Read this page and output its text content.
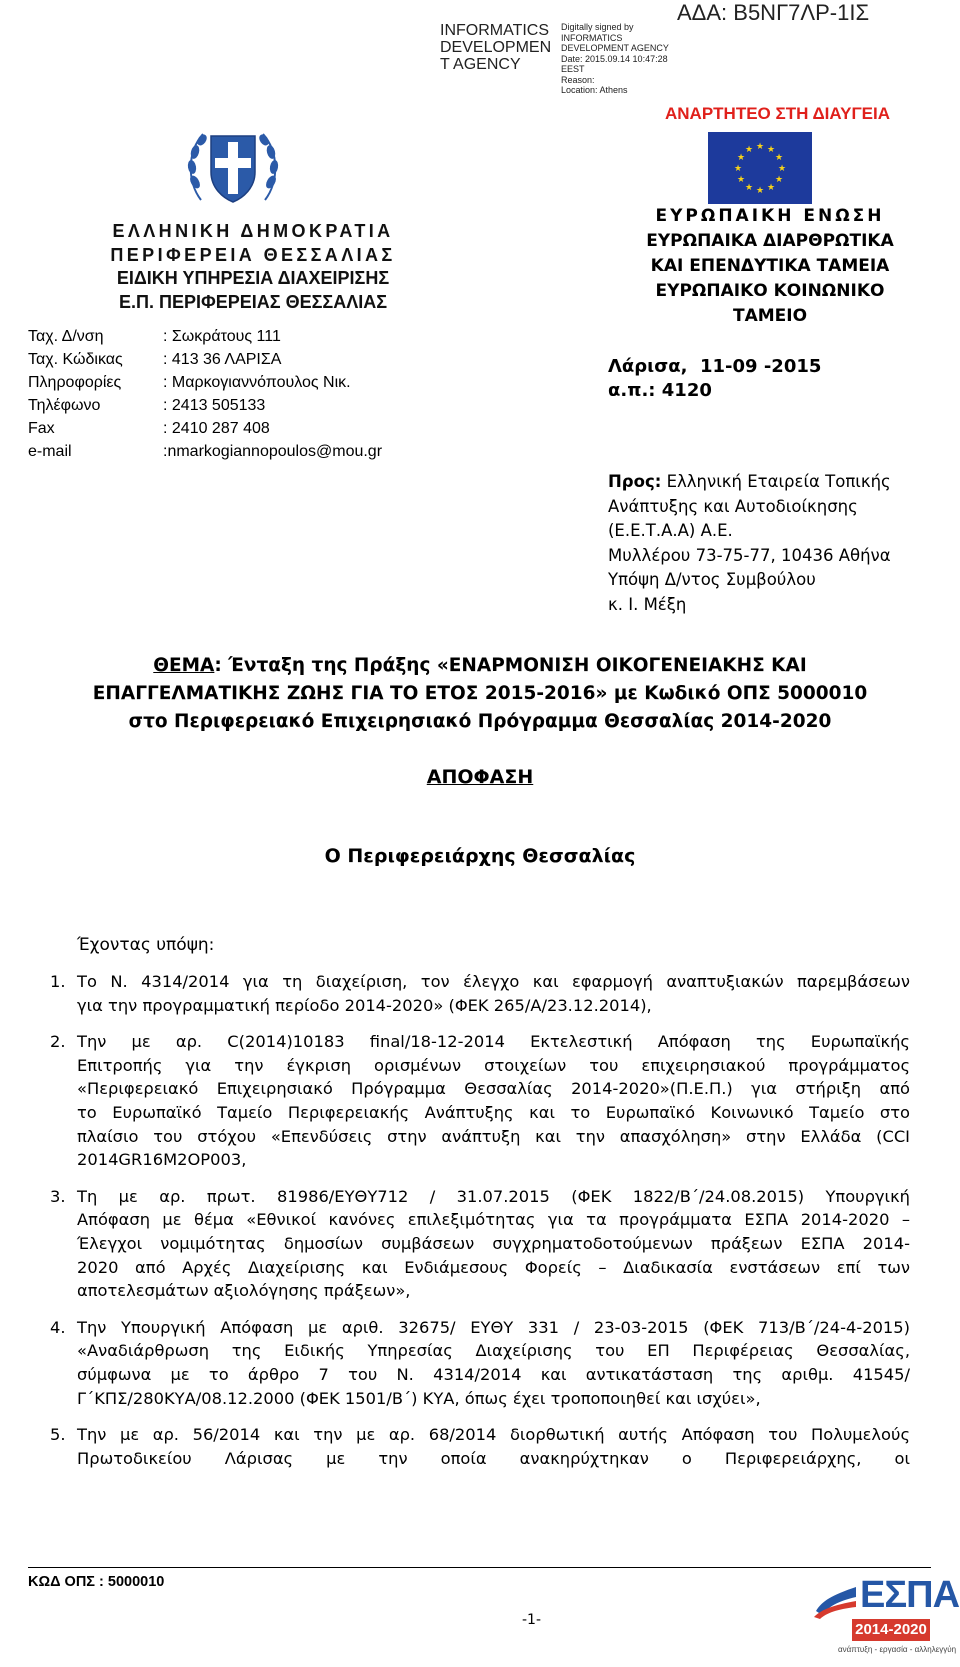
INFORMATICS
DEVELOPMEN
T AGENCY
Digitally signed by
INFORMATICS
DEVELOPMENT AGENCY
Date: 2015.09.14 10:47:28
EEST
Reason:
Location: Athens
ΑΔΑ: Β5ΝΓ7ΛΡ-1ΙΣ
ΑΝΑΡΤΗΤΕΟ ΣΤΗ ΔΙΑΥΓΕΙΑ
★ ★
★
★
★
★
★
★
★
★
★
★
ΕΛΛΗΝΙΚΗ ΔΗΜΟΚΡΑΤΙΑ
ΠΕΡΙΦΕΡΕΙΑ ΘΕΣΣΑΛΙΑΣ
ΕΙΔΙΚΗ ΥΠΗΡΕΣΙΑ ΔΙΑΧΕΙΡΙΣΗΣ
Ε.Π. ΠΕΡΙΦΕΡΕΙΑΣ ΘΕΣΣΑΛΙΑΣ
Ταχ. Δ/νση	: Σωκράτους 111
Ταχ. Κώδικας	: 413 36 ΛΑΡΙΣΑ
Πληροφορίες	: Μαρκογιαννόπουλος Νικ.
Τηλέφωνο	: 2413 505133
Fax	: 2410 287 408
e-mail	:nmarkogiannopoulos@mou.gr
ΕΥΡΩΠΑΙΚΗ ΕΝΩΣΗ
ΕΥΡΩΠΑΙΚΑ ΔΙΑΡΘΡΩΤΙΚΑ
ΚΑΙ ΕΠΕΝΔΥΤΙΚΑ ΤΑΜΕΙΑ
ΕΥΡΩΠΑΙΚΟ ΚΟΙΝΩΝΙΚΟ
ΤΑΜΕΙΟ
Λάρισα, 11-09 -2015
α.π.: 4120
Προς: Ελληνική Εταιρεία Τοπικής
Ανάπτυξης και Αυτοδιοίκησης
(Ε.Ε.Τ.Α.Α) Α.Ε.
Μυλλέρου 73-75-77, 10436 Αθήνα
Υπόψη Δ/ντος Συμβούλου
κ. Ι. Μέξη
ΘΕΜΑ: Ένταξη της Πράξης «ΕΝΑΡΜΟΝΙΣΗ ΟΙΚΟΓΕΝΕΙΑΚΗΣ ΚΑΙ
ΕΠΑΓΓΕΛΜΑΤΙΚΗΣ ΖΩΗΣ ΓΙΑ ΤΟ ΕΤΟΣ 2015-2016» με Κωδικό ΟΠΣ 5000010
στο Περιφερειακό Επιχειρησιακό Πρόγραμμα Θεσσαλίας 2014-2020
ΑΠΟΦΑΣΗ
Ο Περιφερειάρχης Θεσσαλίας
Έχοντας υπόψη:
1. Το Ν. 4314/2014 για τη διαχείριση, τον έλεγχο και εφαρμογή αναπτυξιακών παρεμβάσεων
για την προγραμματική περίοδο 2014-2020» (ΦΕΚ 265/Α/23.12.2014),
2. Την με αρ. C(2014)10183 final/18-12-2014 Εκτελεστική Απόφαση της Ευρωπαϊκής
Επιτροπής για την έγκριση ορισμένων στοιχείων του επιχειρησιακού προγράμματος
«Περιφερειακό Επιχειρησιακό Πρόγραμμα Θεσσαλίας 2014-2020»(Π.Ε.Π.) για στήριξη από
το Ευρωπαϊκό Ταμείο Περιφερειακής Ανάπτυξης και το Ευρωπαϊκό Κοινωνικό Ταμείο στο
πλαίσιο του στόχου «Επενδύσεις στην ανάπτυξη και την απασχόληση» στην Ελλάδα (CCI
2014GR16M2OP003,
3. Τη με αρ. πρωτ. 81986/ΕΥΘΥ712 / 31.07.2015 (ΦΕΚ 1822/Β΄/24.08.2015) Υπουργική
Απόφαση με θέμα «Εθνικοί κανόνες επιλεξιμότητας για τα προγράμματα ΕΣΠΑ 2014-2020 –
Έλεγχοι νομιμότητας δημοσίων συμβάσεων συγχρηματοδοτούμενων πράξεων ΕΣΠΑ 2014-
2020 από Αρχές Διαχείρισης και Ενδιάμεσους Φορείς – Διαδικασία ενστάσεων επί των
αποτελεσμάτων αξιολόγησης πράξεων»,
4. Την Υπουργική Απόφαση με αριθ. 32675/ ΕΥΘΥ 331 / 23-03-2015 (ΦΕΚ 713/Β΄/24-4-2015)
«Αναδιάρθρωση της Ειδικής Υπηρεσίας Διαχείρισης του ΕΠ Περιφέρειας Θεσσαλίας,
σύμφωνα με το άρθρο 7 του Ν. 4314/2014 και αντικατάσταση της αριθμ. 41545/
Γ΄ΚΠΣ/280ΚΥΑ/08.12.2000 (ΦΕΚ 1501/Β΄) ΚΥΑ, όπως έχει τροποποιηθεί και ισχύει»,
5. Την με αρ. 56/2014 και την με αρ. 68/2014 διορθωτική αυτής Απόφαση του Πολυμελούς
Πρωτοδικείου Λάρισας με την οποία ανακηρύχτηκαν ο Περιφερειάρχης, οι
ΚΩΔ ΟΠΣ : 5000010
-1-
ΕΣΠΑ
2014-2020
ανάπτυξη - εργασία - αλληλεγγύη
